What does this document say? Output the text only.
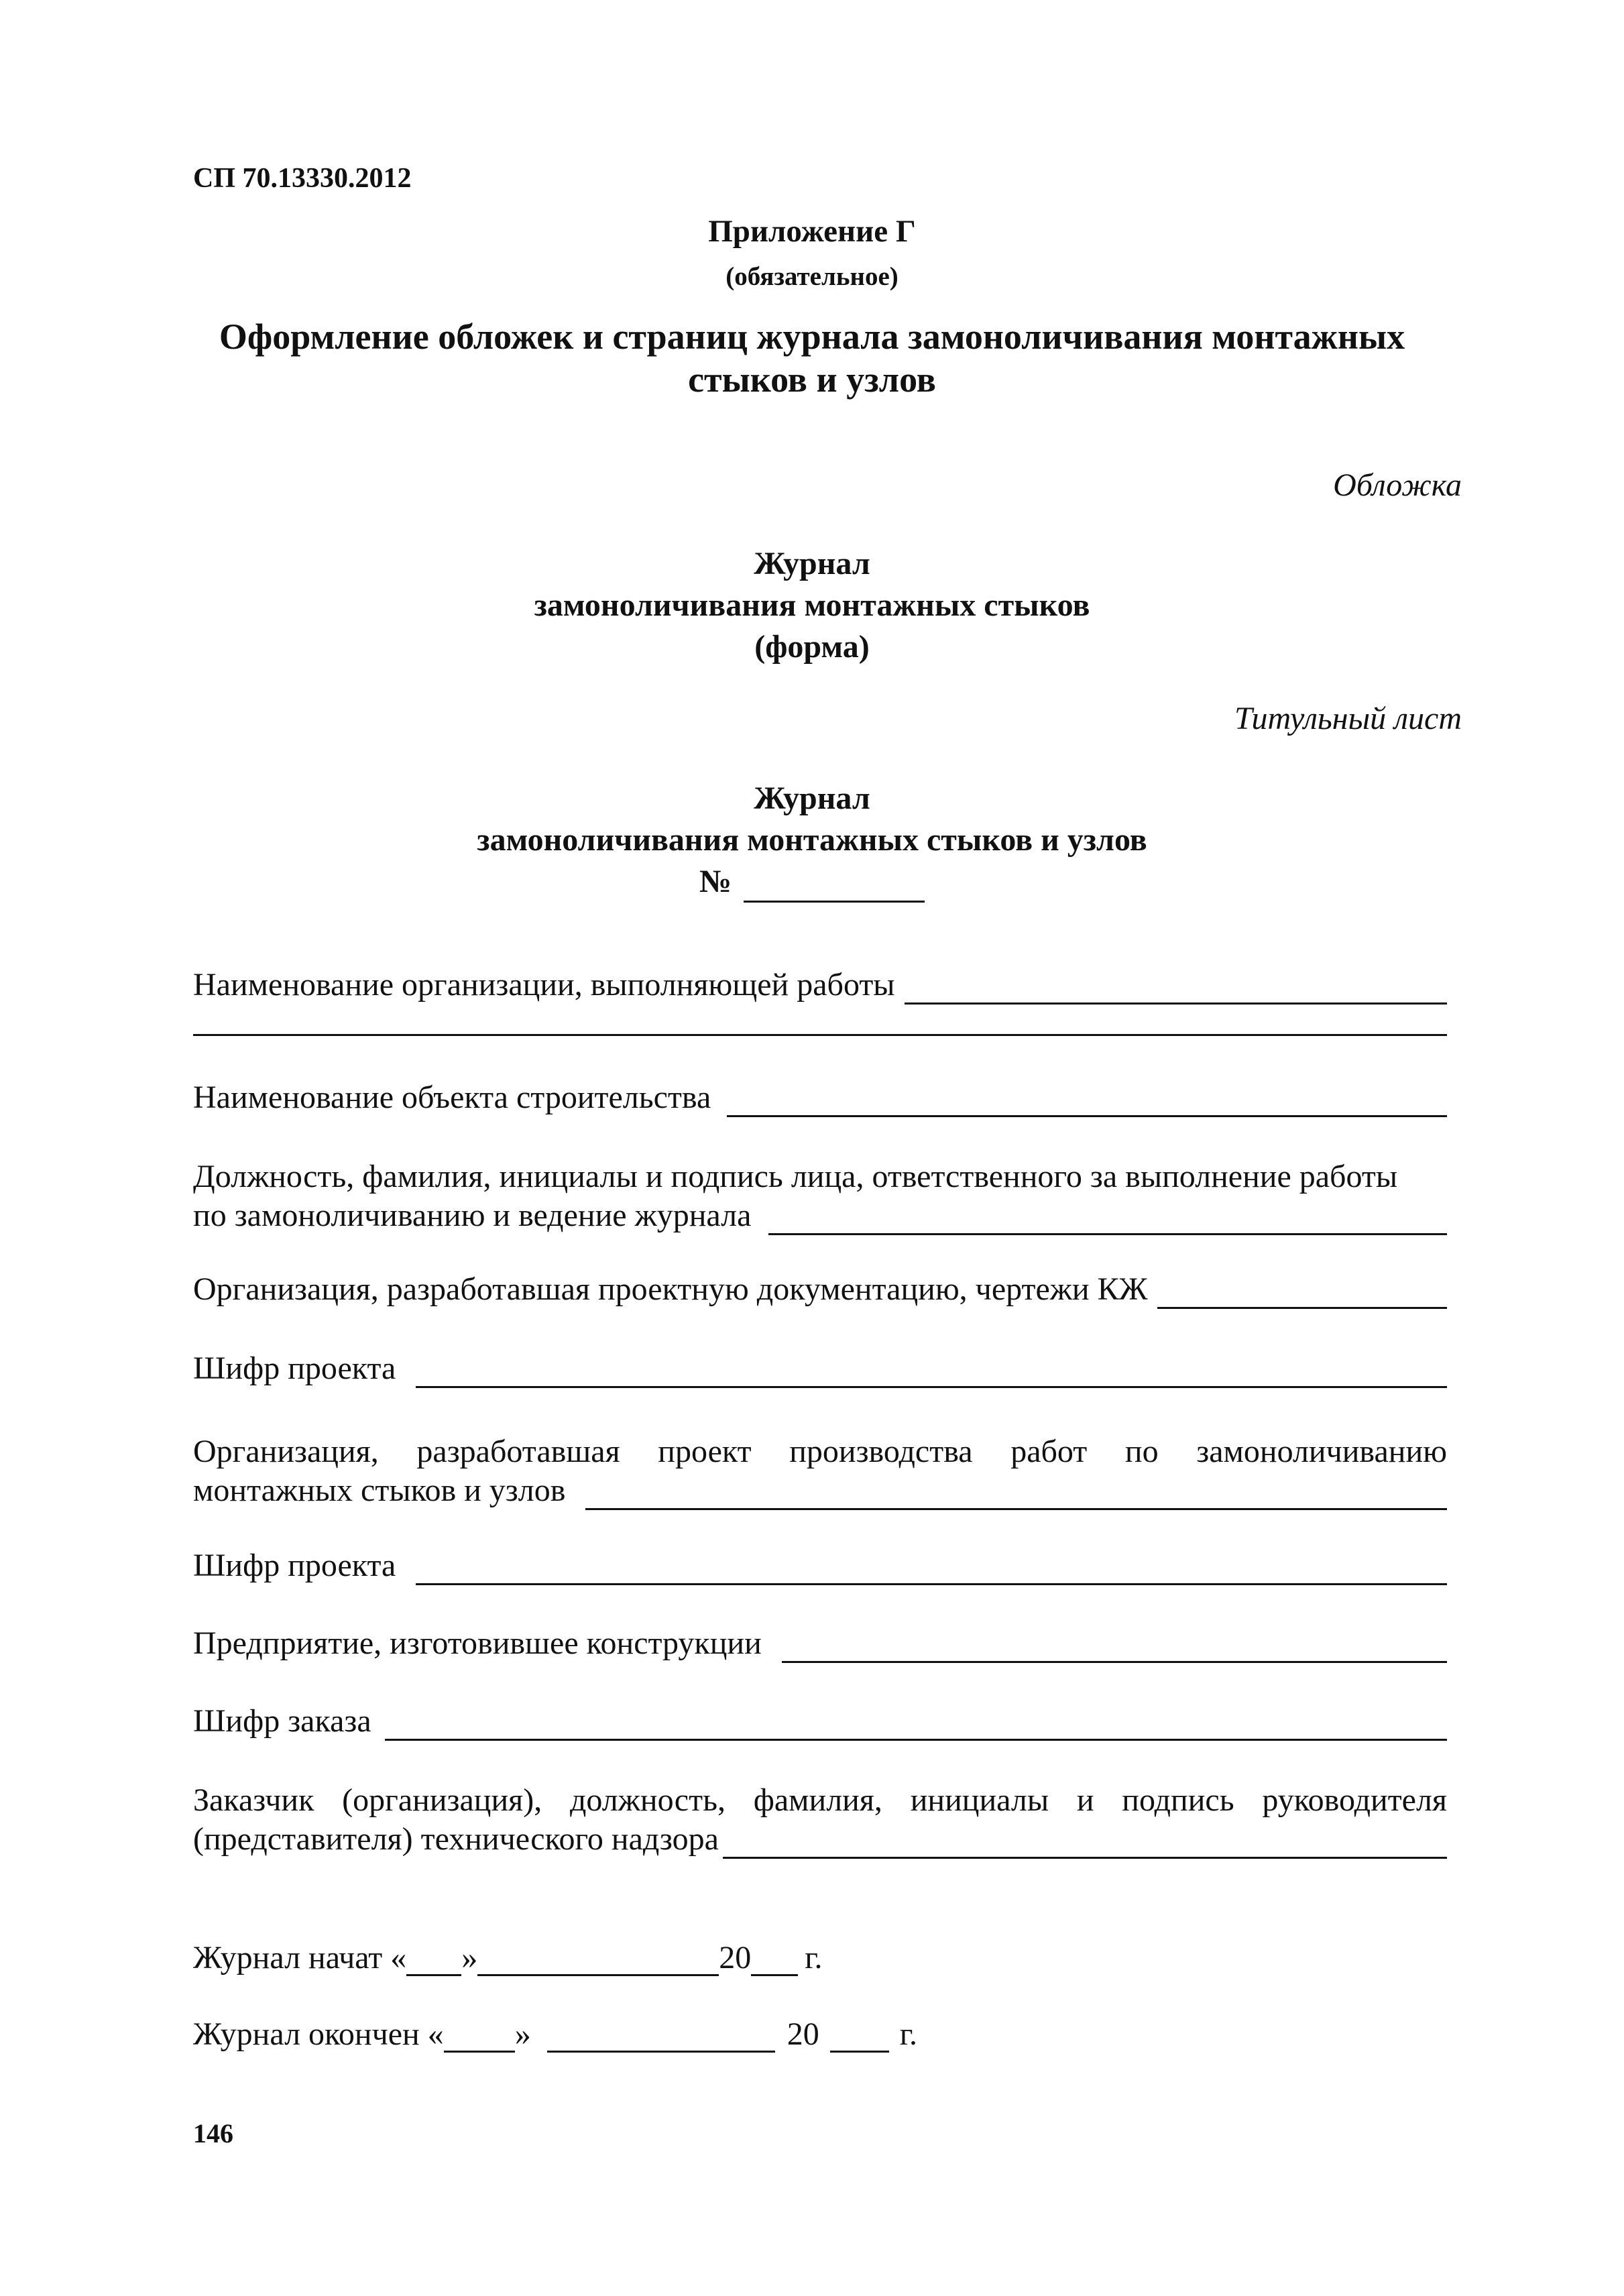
СП 70.13330.2012
Приложение Г
(обязательное)
Оформление обложек и страниц журнала замоноличивания монтажных
стыков и узлов
Обложка
Журнал
замоноличивания монтажных стыков
(форма)
Титульный лист
Журнал
замоноличивания монтажных стыков и узлов
№
Наименование организации, выполняющей работы
Наименование объекта строительства
Должность, фамилия, инициалы и подпись лица, ответственного за выполнение работы
по замоноличиванию и ведение журнала
Организация, разработавшая проектную документацию, чертежи КЖ
Шифр проекта
Организация, разработавшая проект производства работ по замоноличиванию
монтажных стыков и узлов
Шифр проекта
Предприятие, изготовившее конструкции
Шифр заказа
Заказчик (организация), должность, фамилия, инициалы и подпись руководителя
(представителя) технического надзора
Журнал начат « »	20 г.
Журнал окончен « »	20	г.
146
